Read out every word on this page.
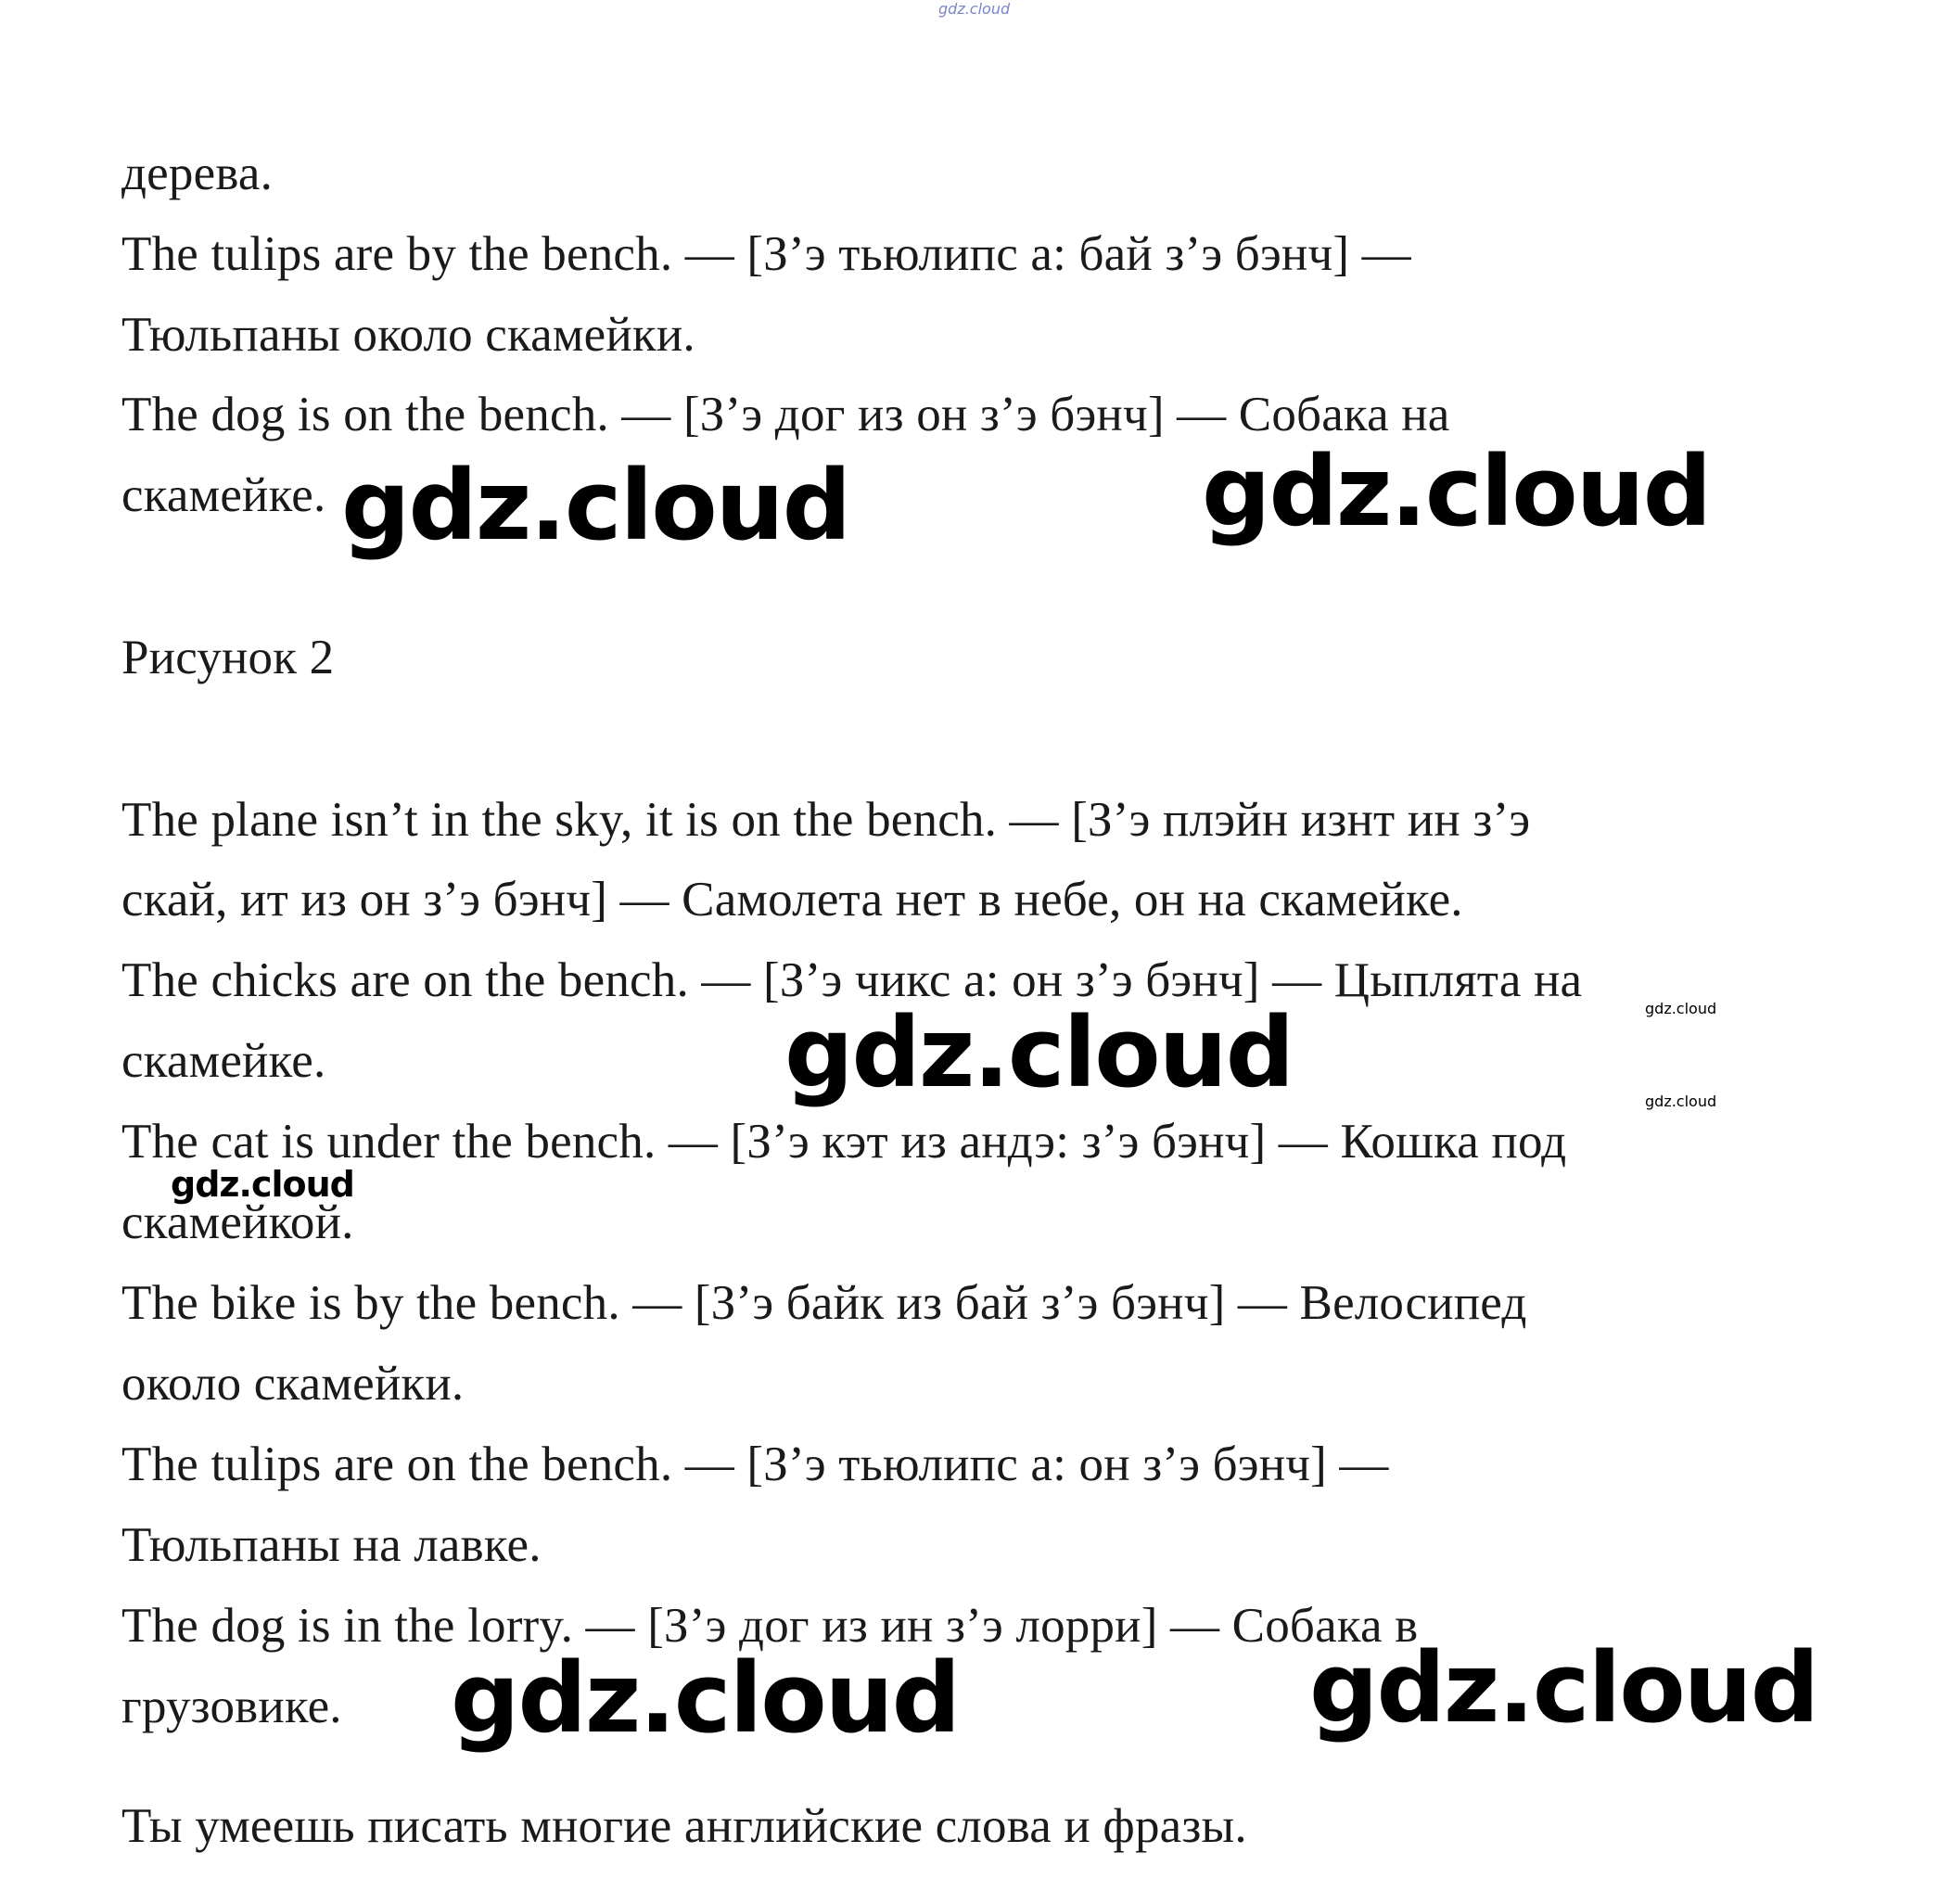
gdz.cloud
дерева.
The tulips are by the bench. — [З’э тьюлипс а: бай з’э бэнч] —
Тюльпаны около скамейки.
The dog is on the bench. — [З’э дог из он з’э бэнч] — Собака на
скамейке.
Рисунок 2
The plane isn’t in the sky, it is on the bench. — [З’э плэйн изнт ин з’э
скай, ит из он з’э бэнч] — Самолета нет в небе, он на скамейке.
The chicks are on the bench. — [З’э чикс а: он з’э бэнч] — Цыплята на
скамейке.
The cat is under the bench. — [З’э кэт из андэ: з’э бэнч] — Кошка под
скамейкой.
The bike is by the bench. — [З’э байк из бай з’э бэнч] — Велосипед
около скамейки.
The tulips are on the bench. — [З’э тьюлипс а: он з’э бэнч] —
Тюльпаны на лавке.
The dog is in the lorry. — [З’э дог из ин з’э лорри] — Собака в
грузовике.
Ты умеешь писать многие английские слова и фразы.
gdz.cloud	gdz.cloud
gdz.cloud
gdz.cloud	gdz.cloud
gdz.cloud
gdz.cloud
gdz.cloud
